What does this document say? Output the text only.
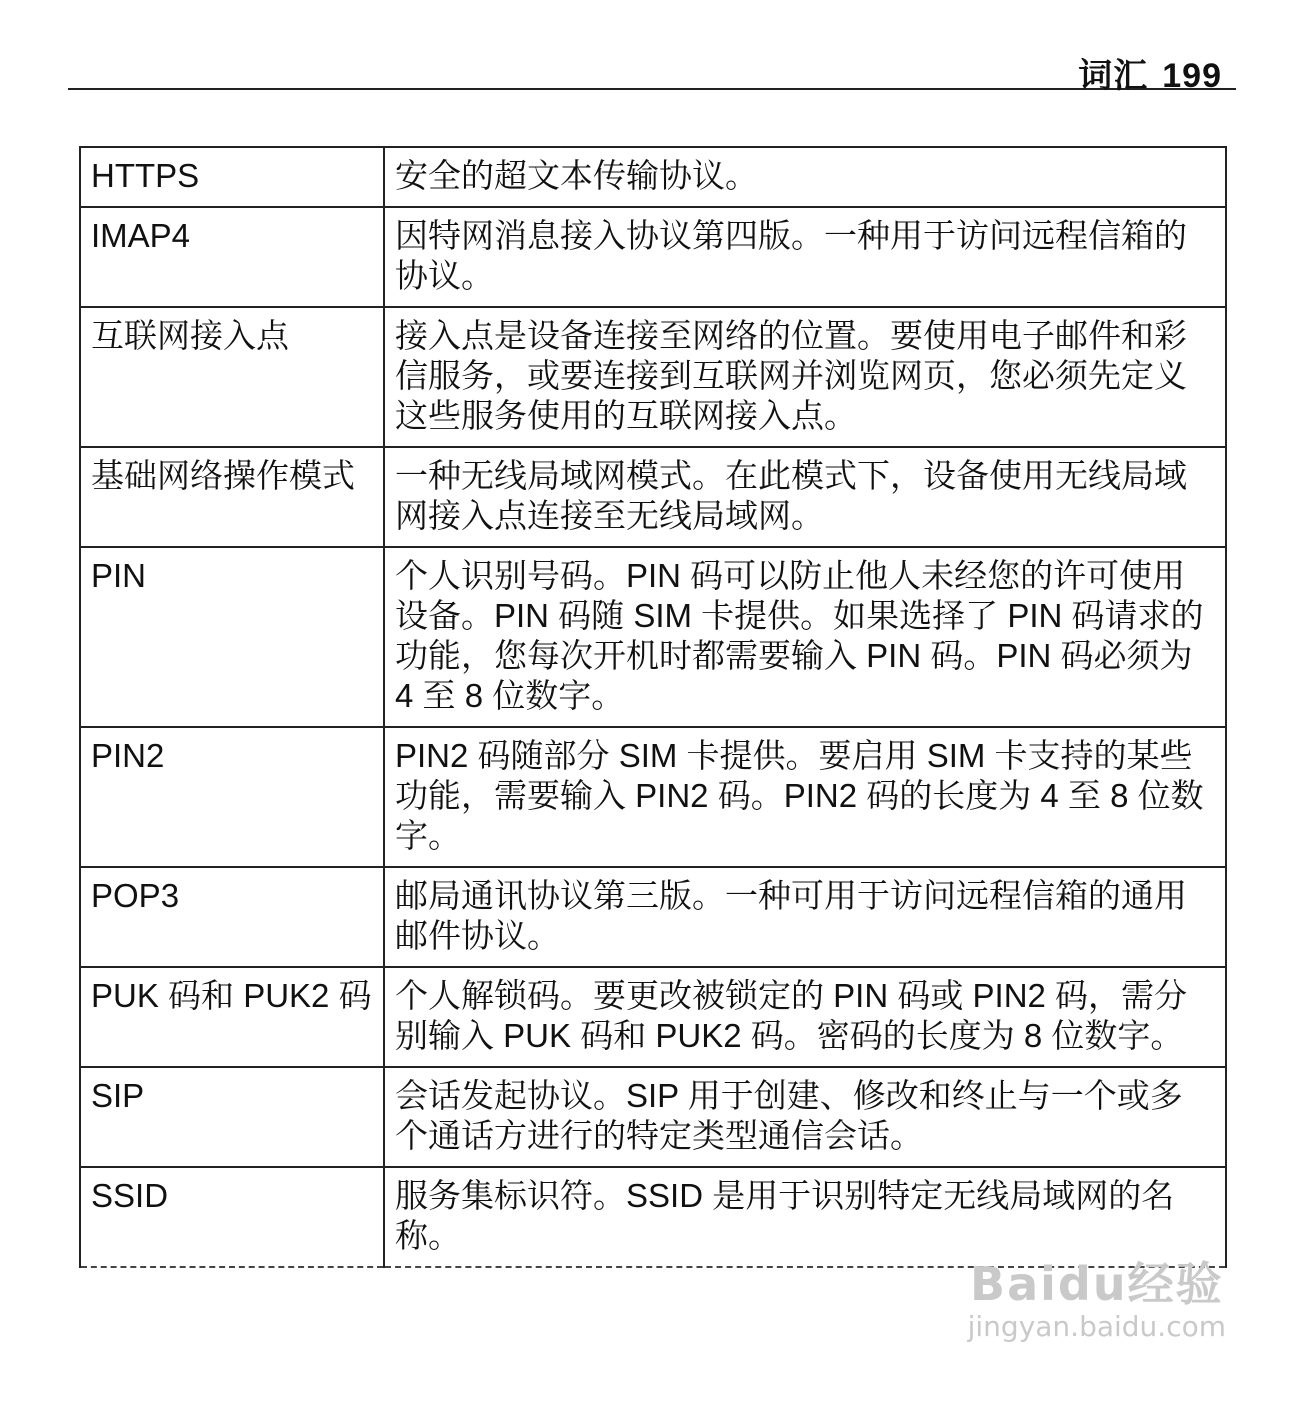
词汇 199
HTTPS	安全的超文本传输协议。
IMAP4	因特网消息接入协议第四版。一种用于访问远程信箱的协议。
互联网接入点	接入点是设备连接至网络的位置。要使用电子邮件和彩信服务，或要连接到互联网并浏览网页，您必须先定义这些服务使用的互联网接入点。
基础网络操作模式	一种无线局域网模式。在此模式下，设备使用无线局域网接入点连接至无线局域网。
PIN	个人识别号码。PIN 码可以防止他人未经您的许可使用设备。PIN 码随 SIM 卡提供。如果选择了 PIN 码请求的功能，您每次开机时都需要输入 PIN 码。PIN 码必须为 4 至 8 位数字。
PIN2	PIN2 码随部分 SIM 卡提供。要启用 SIM 卡支持的某些功能，需要输入 PIN2 码。PIN2 码的长度为 4 至 8 位数字。
POP3	邮局通讯协议第三版。一种可用于访问远程信箱的通用邮件协议。
PUK 码和 PUK2 码	个人解锁码。要更改被锁定的 PIN 码或 PIN2 码，需分别输入 PUK 码和 PUK2 码。密码的长度为 8 位数字。
SIP	会话发起协议。SIP 用于创建、修改和终止与一个或多个通话方进行的特定类型通信会话。
SSID	服务集标识符。SSID 是用于识别特定无线局域网的名称。
Baidu经验
jingyan.baidu.com
